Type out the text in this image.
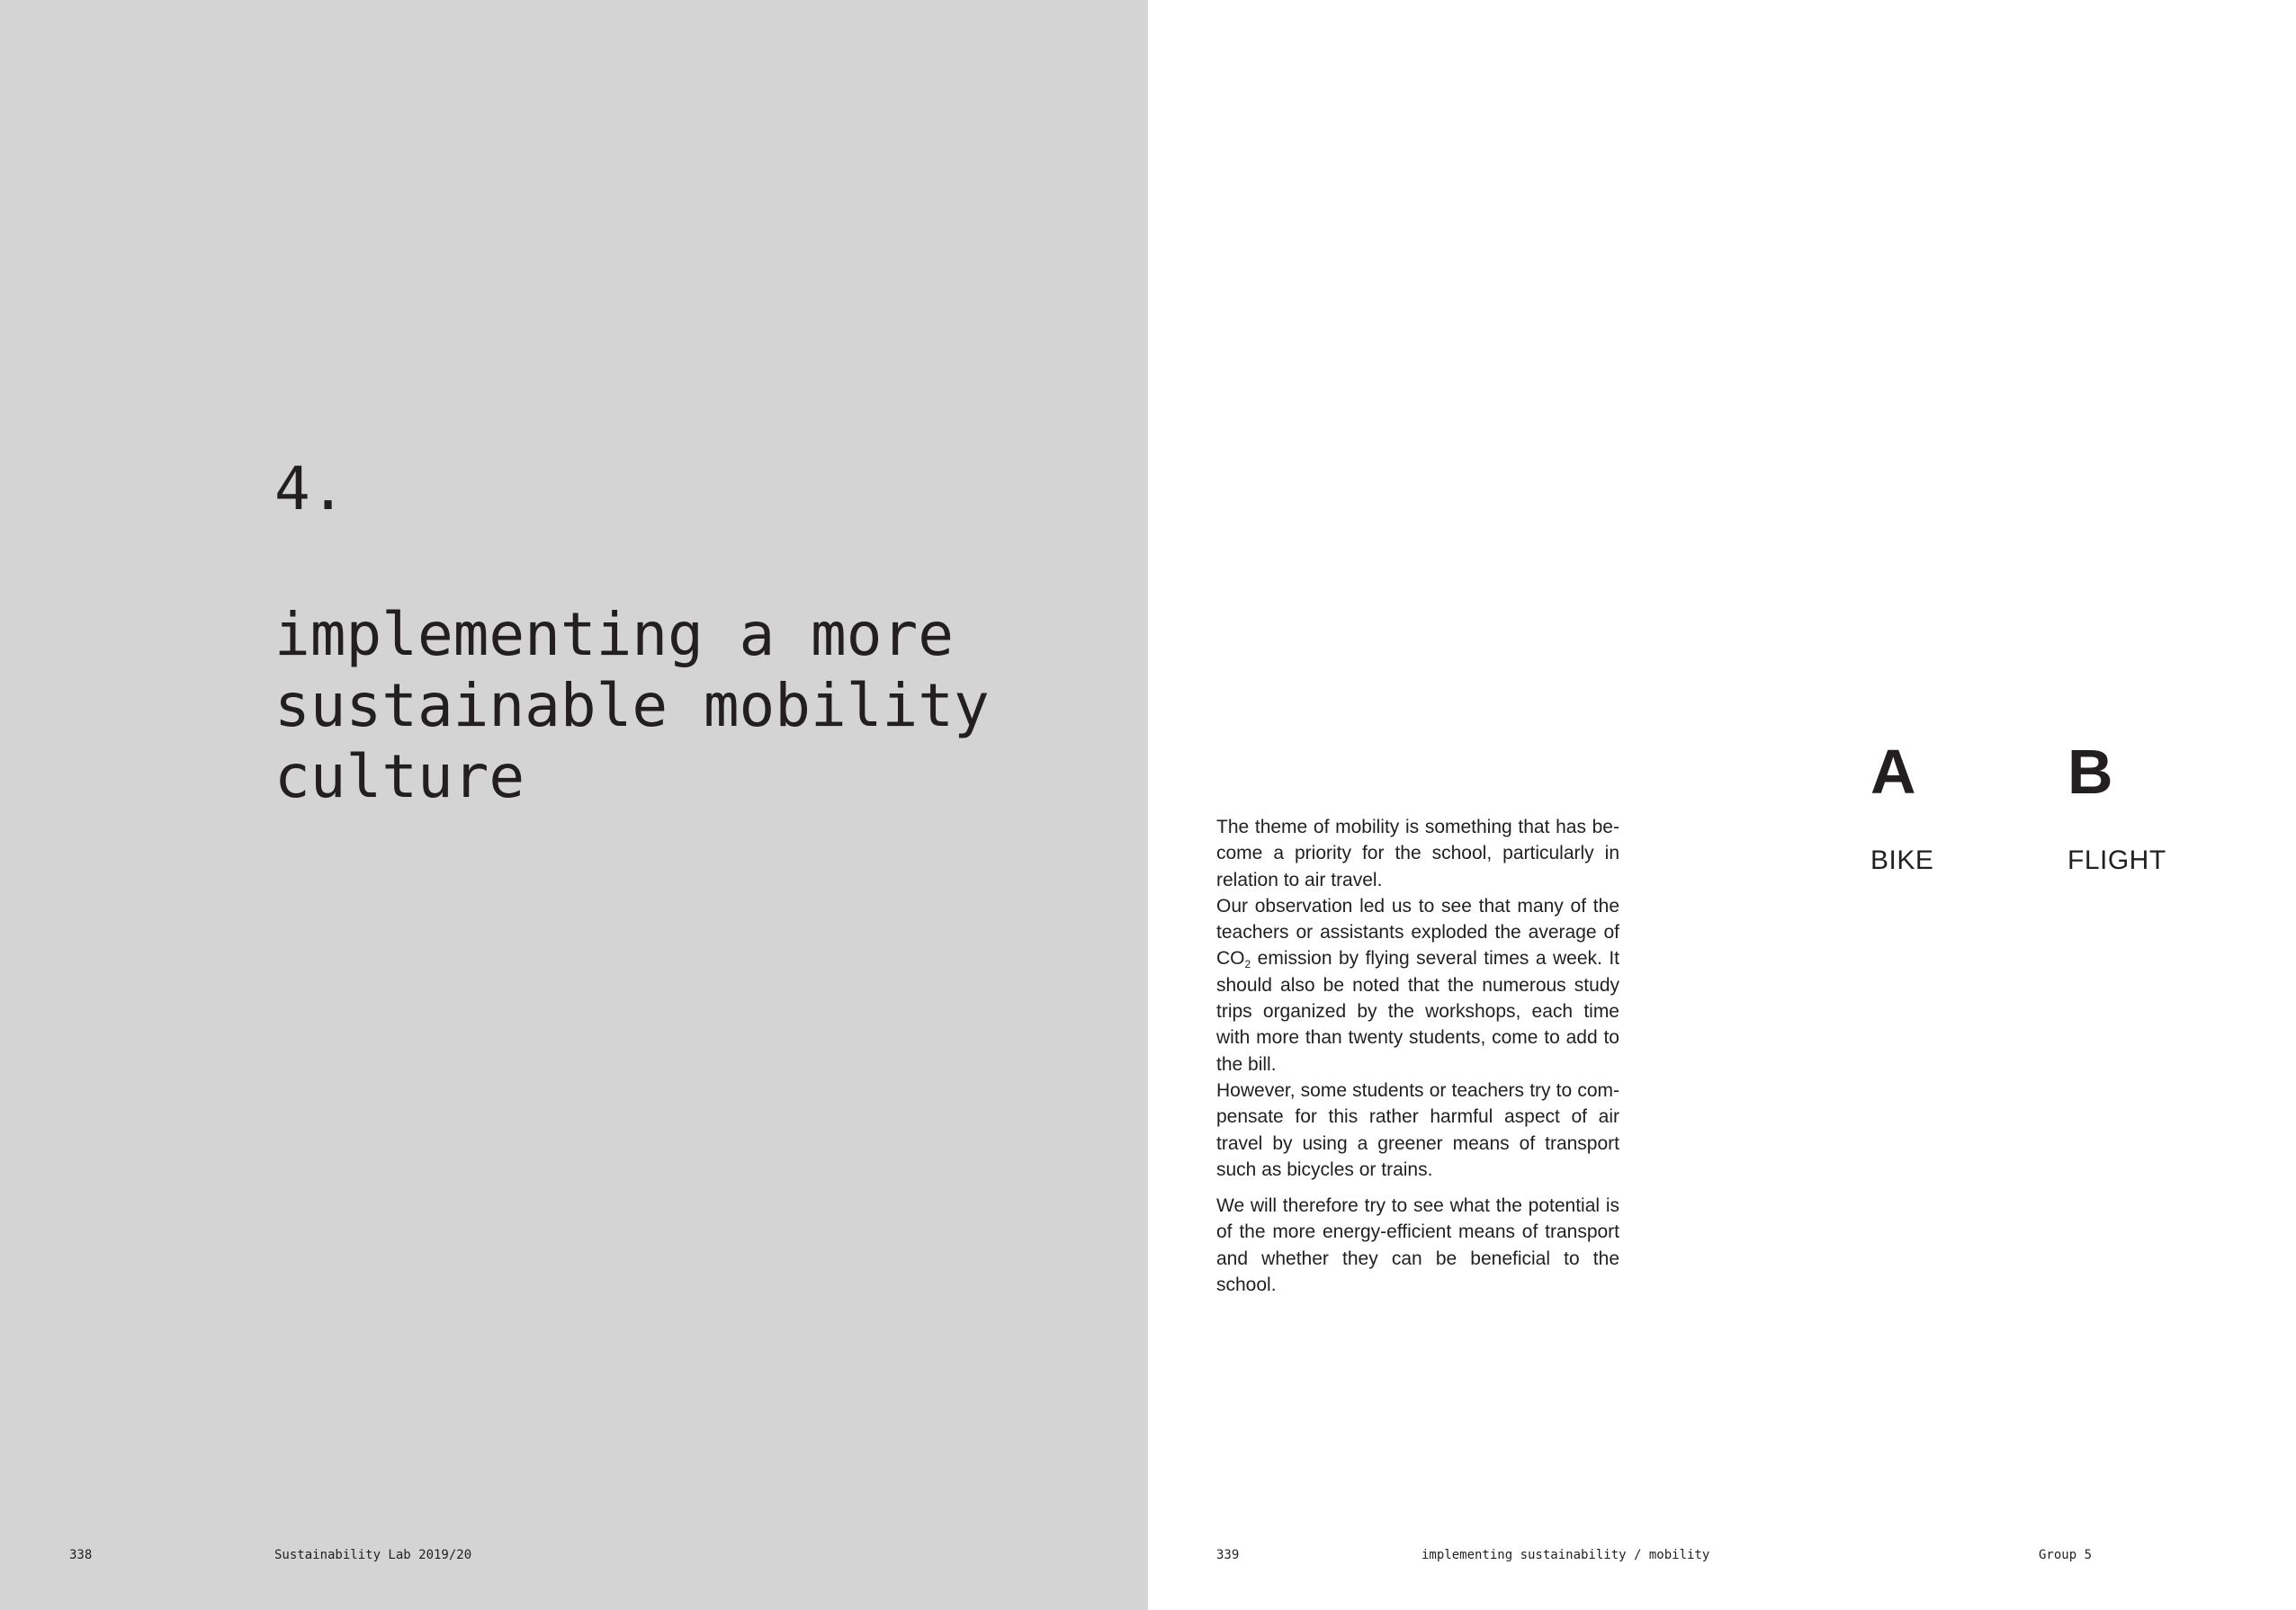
4.
implementing a more
sustainable mobility
culture
338	Sustainability Lab 2019/20	339	implementing sustainability / mobility	Group 5

The theme of mobility is something that has become a priority for the school, particularly in relation to air travel.

Our observation led us to see that many of the teachers or assistants exploded the average of $CO_2$ emission by flying several times a week. It should also be noted that the numerous study trips organized by the workshops, each time with more than twenty students, come to add to the bill.

However, some students or teachers try to compensate for this rather harmful aspect of air travel by using a greener means of transport such as bicycles or trains.

We will therefore try to see what the potential is of the more energy-efficient means of transport and whether they can be beneficial to the school.

A
BIKE
B
FLIGHT
